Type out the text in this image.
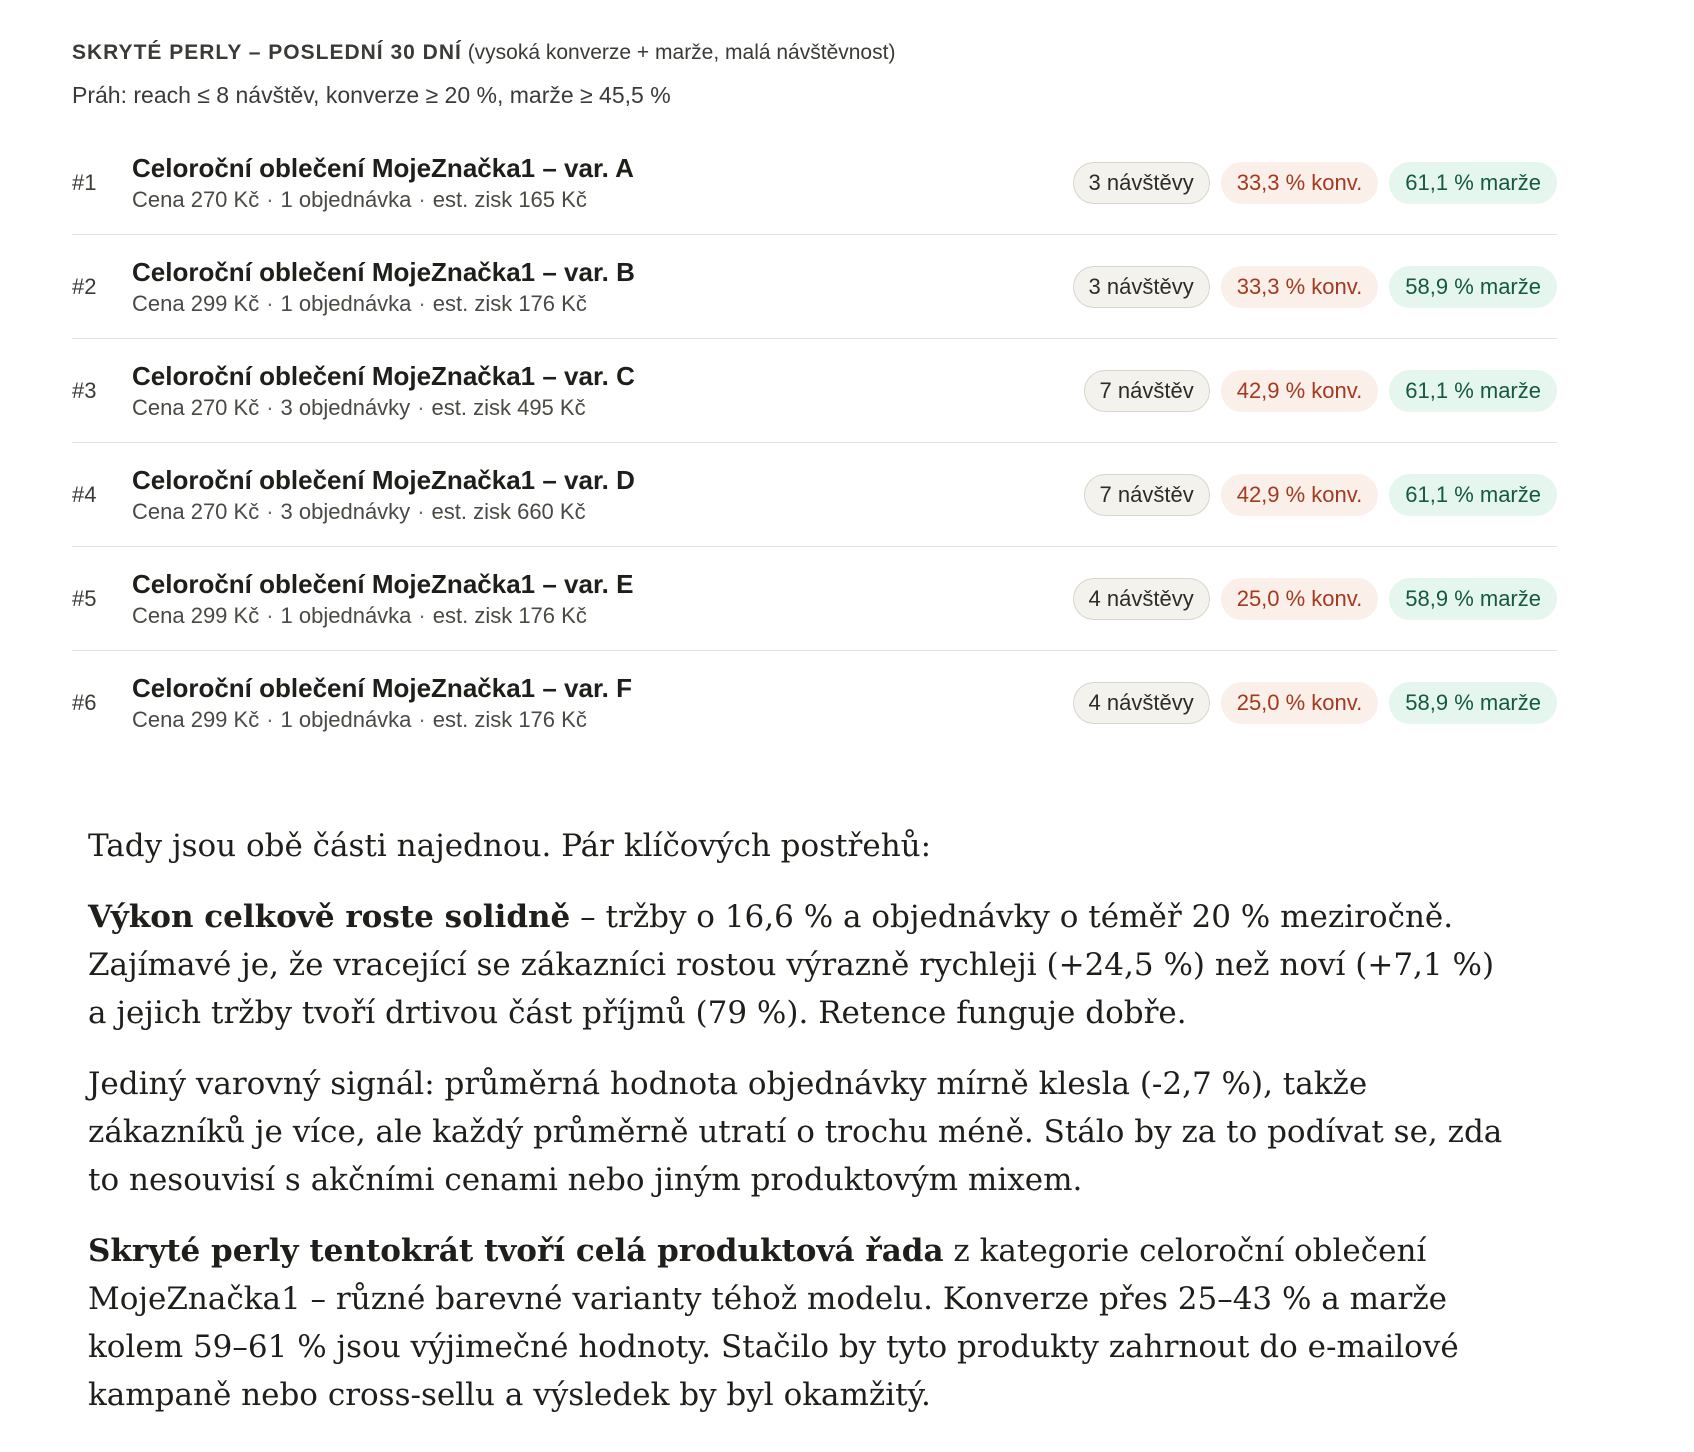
SKRYTÉ PERLY – POSLEDNÍ 30 DNÍ (vysoká konverze + marže, malá návštěvnost)
Práh: reach ≤ 8 návštěv, konverze ≥ 20 %, marže ≥ 45,5 %
#1	Celoroční oblečení MojeZnačka1 – var. A
Cena 270 Kč · 1 objednávka · est. zisk 165 Kč
3 návštěvy	33,3 % konv.	61,1 % marže
#2	Celoroční oblečení MojeZnačka1 – var. B
Cena 299 Kč · 1 objednávka · est. zisk 176 Kč
3 návštěvy	33,3 % konv.	58,9 % marže
#3	Celoroční oblečení MojeZnačka1 – var. C
Cena 270 Kč · 3 objednávky · est. zisk 495 Kč
7 návštěv	42,9 % konv.	61,1 % marže
#4	Celoroční oblečení MojeZnačka1 – var. D
Cena 270 Kč · 3 objednávky · est. zisk 660 Kč
7 návštěv	42,9 % konv.	61,1 % marže
#5	Celoroční oblečení MojeZnačka1 – var. E
Cena 299 Kč · 1 objednávka · est. zisk 176 Kč
4 návštěvy	25,0 % konv.	58,9 % marže
#6	Celoroční oblečení MojeZnačka1 – var. F
Cena 299 Kč · 1 objednávka · est. zisk 176 Kč
4 návštěvy	25,0 % konv.	58,9 % marže

Tady jsou obě části najednou. Pár klíčových postřehů:

Výkon celkově roste solidně – tržby o 16,6 % a objednávky o téměř 20 % meziročně. Zajímavé je, že vracející se zákazníci rostou výrazně rychleji (+24,5 %) než noví (+7,1 %) a jejich tržby tvoří drtivou část příjmů (79 %). Retence funguje dobře.

Jediný varovný signál: průměrná hodnota objednávky mírně klesla (-2,7 %), takže zákazníků je více, ale každý průměrně utratí o trochu méně. Stálo by za to podívat se, zda to nesouvisí s akčními cenami nebo jiným produktovým mixem.

Skryté perly tentokrát tvoří celá produktová řada z kategorie celoroční oblečení MojeZnačka1 – různé barevné varianty téhož modelu. Konverze přes 25–43 % a marže kolem 59–61 % jsou výjimečné hodnoty. Stačilo by tyto produkty zahrnout do e-mailové kampaně nebo cross-sellu a výsledek by byl okamžitý.
